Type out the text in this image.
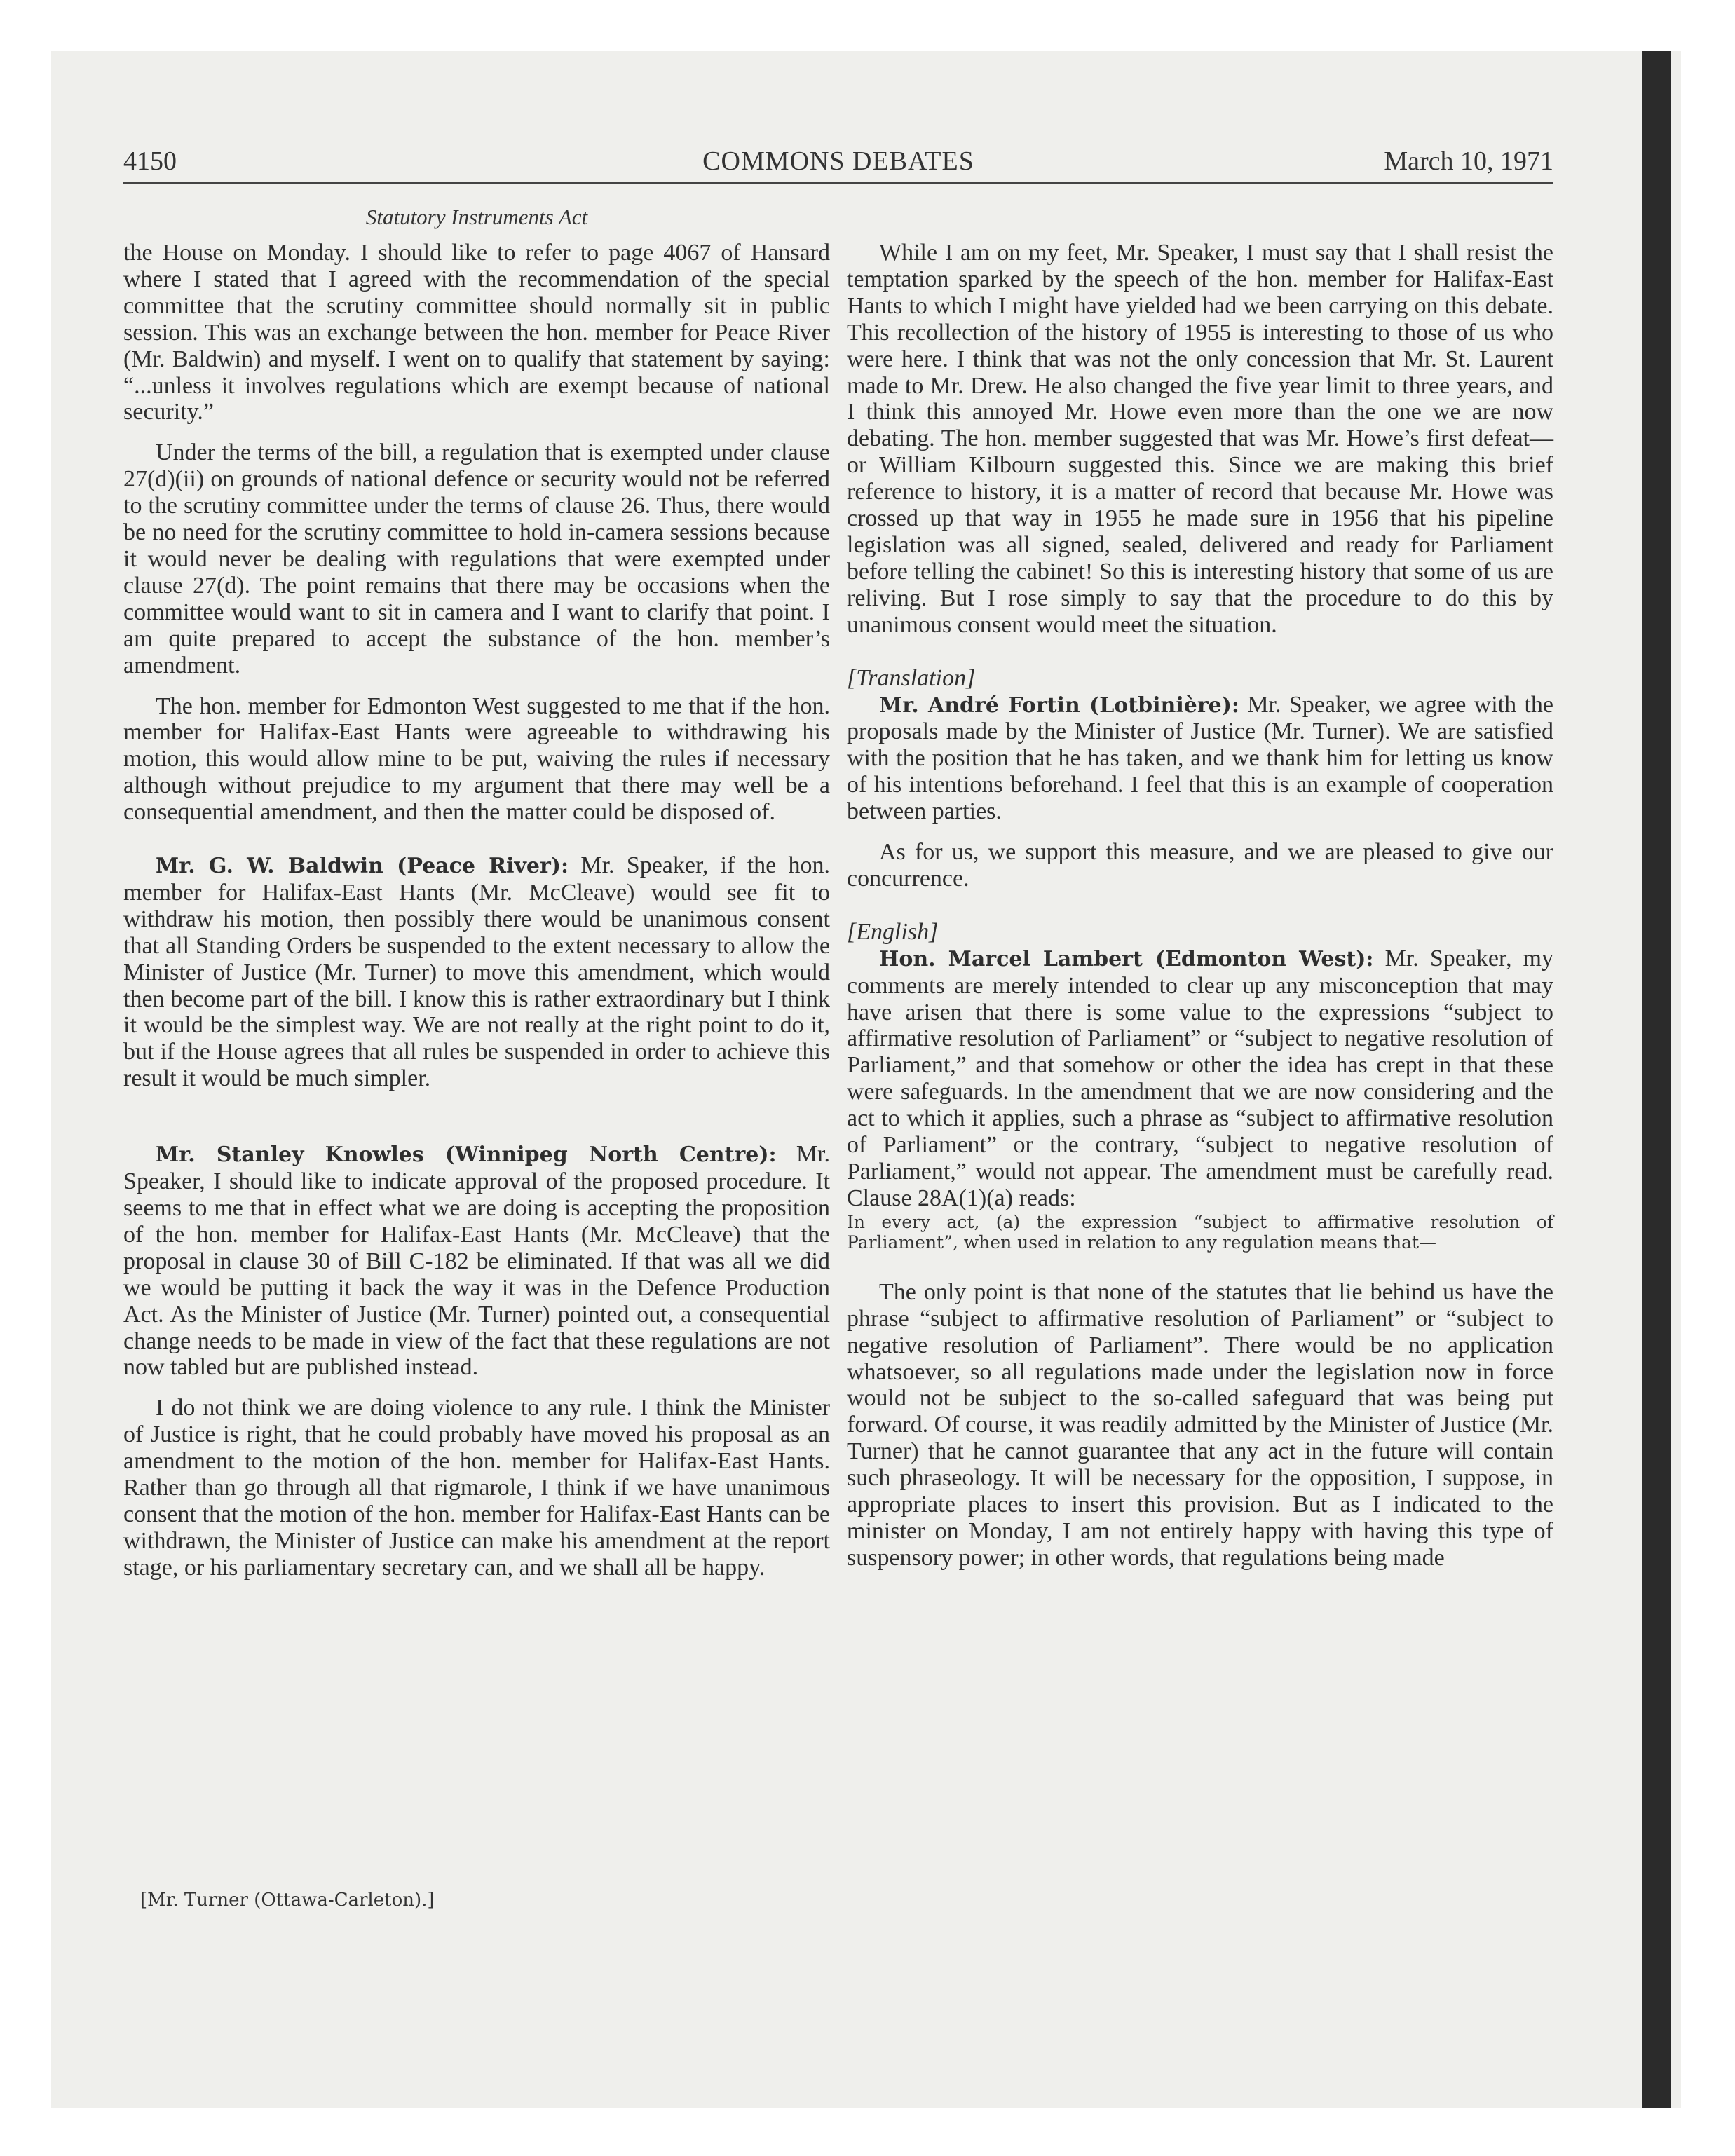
4150	COMMONS DEBATES	March 10, 1971
Statutory Instruments Act

the House on Monday. I should like to refer to page 4067 of Hansard where I stated that I agreed with the recommendation of the special committee that the scrutiny committee should normally sit in public session. This was an exchange between the hon. member for Peace River (Mr. Baldwin) and myself. I went on to qualify that statement by saying: “...unless it involves regulations which are exempt because of national security.”

Under the terms of the bill, a regulation that is exempted under clause 27(d)(ii) on grounds of national defence or security would not be referred to the scrutiny committee under the terms of clause 26. Thus, there would be no need for the scrutiny committee to hold in-camera sessions because it would never be dealing with regulations that were exempted under clause 27(d). The point remains that there may be occasions when the committee would want to sit in camera and I want to clarify that point. I am quite prepared to accept the substance of the hon. member’s amendment.

The hon. member for Edmonton West suggested to me that if the hon. member for Halifax-East Hants were agreeable to withdrawing his motion, this would allow mine to be put, waiving the rules if necessary although without prejudice to my argument that there may well be a consequential amendment, and then the matter could be disposed of.

Mr. G. W. Baldwin (Peace River): Mr. Speaker, if the hon. member for Halifax-East Hants (Mr. McCleave) would see fit to withdraw his motion, then possibly there would be unanimous consent that all Standing Orders be suspended to the extent necessary to allow the Minister of Justice (Mr. Turner) to move this amendment, which would then become part of the bill. I know this is rather extraordinary but I think it would be the simplest way. We are not really at the right point to do it, but if the House agrees that all rules be suspended in order to achieve this result it would be much simpler.

Mr. Stanley Knowles (Winnipeg North Centre): Mr. Speaker, I should like to indicate approval of the proposed procedure. It seems to me that in effect what we are doing is accepting the proposition of the hon. member for Halifax-East Hants (Mr. McCleave) that the proposal in clause 30 of Bill C-182 be eliminated. If that was all we did we would be putting it back the way it was in the Defence Production Act. As the Minister of Justice (Mr. Turner) pointed out, a consequential change needs to be made in view of the fact that these regulations are not now tabled but are published instead.

I do not think we are doing violence to any rule. I think the Minister of Justice is right, that he could probably have moved his proposal as an amendment to the motion of the hon. member for Halifax-East Hants. Rather than go through all that rigmarole, I think if we have unanimous consent that the motion of the hon. member for Halifax-East Hants can be withdrawn, the Minister of Justice can make his amendment at the report stage, or his parliamentary secretary can, and we shall all be happy.

[Mr. Turner (Ottawa-Carleton).]

While I am on my feet, Mr. Speaker, I must say that I shall resist the temptation sparked by the speech of the hon. member for Halifax-East Hants to which I might have yielded had we been carrying on this debate. This recollection of the history of 1955 is interesting to those of us who were here. I think that was not the only concession that Mr. St. Laurent made to Mr. Drew. He also changed the five year limit to three years, and I think this annoyed Mr. Howe even more than the one we are now debating. The hon. member suggested that was Mr. Howe’s first defeat—or William Kilbourn suggested this. Since we are making this brief reference to history, it is a matter of record that because Mr. Howe was crossed up that way in 1955 he made sure in 1956 that his pipeline legislation was all signed, sealed, delivered and ready for Parliament before telling the cabinet! So this is interesting history that some of us are reliving. But I rose simply to say that the procedure to do this by unanimous consent would meet the situation.

[Translation]

Mr. André Fortin (Lotbinière): Mr. Speaker, we agree with the proposals made by the Minister of Justice (Mr. Turner). We are satisfied with the position that he has taken, and we thank him for letting us know of his intentions beforehand. I feel that this is an example of cooperation between parties.

As for us, we support this measure, and we are pleased to give our concurrence.

[English]

Hon. Marcel Lambert (Edmonton West): Mr. Speaker, my comments are merely intended to clear up any misconception that may have arisen that there is some value to the expressions “subject to affirmative resolution of Parliament” or “subject to negative resolution of Parliament,” and that somehow or other the idea has crept in that these were safeguards. In the amendment that we are now considering and the act to which it applies, such a phrase as “subject to affirmative resolution of Parliament” or the contrary, “subject to negative resolution of Parliament,” would not appear. The amendment must be carefully read. Clause 28A(1)(a) reads:

In every act, (a) the expression “subject to affirmative resolution of Parliament”, when used in relation to any regulation means that—

The only point is that none of the statutes that lie behind us have the phrase “subject to affirmative resolution of Parliament” or “subject to negative resolution of Parliament”. There would be no application whatsoever, so all regulations made under the legislation now in force would not be subject to the so-called safeguard that was being put forward. Of course, it was readily admitted by the Minister of Justice (Mr. Turner) that he cannot guarantee that any act in the future will contain such phraseology. It will be necessary for the opposition, I suppose, in appropriate places to insert this provision. But as I indicated to the minister on Monday, I am not entirely happy with having this type of suspensory power; in other words, that regulations being made
